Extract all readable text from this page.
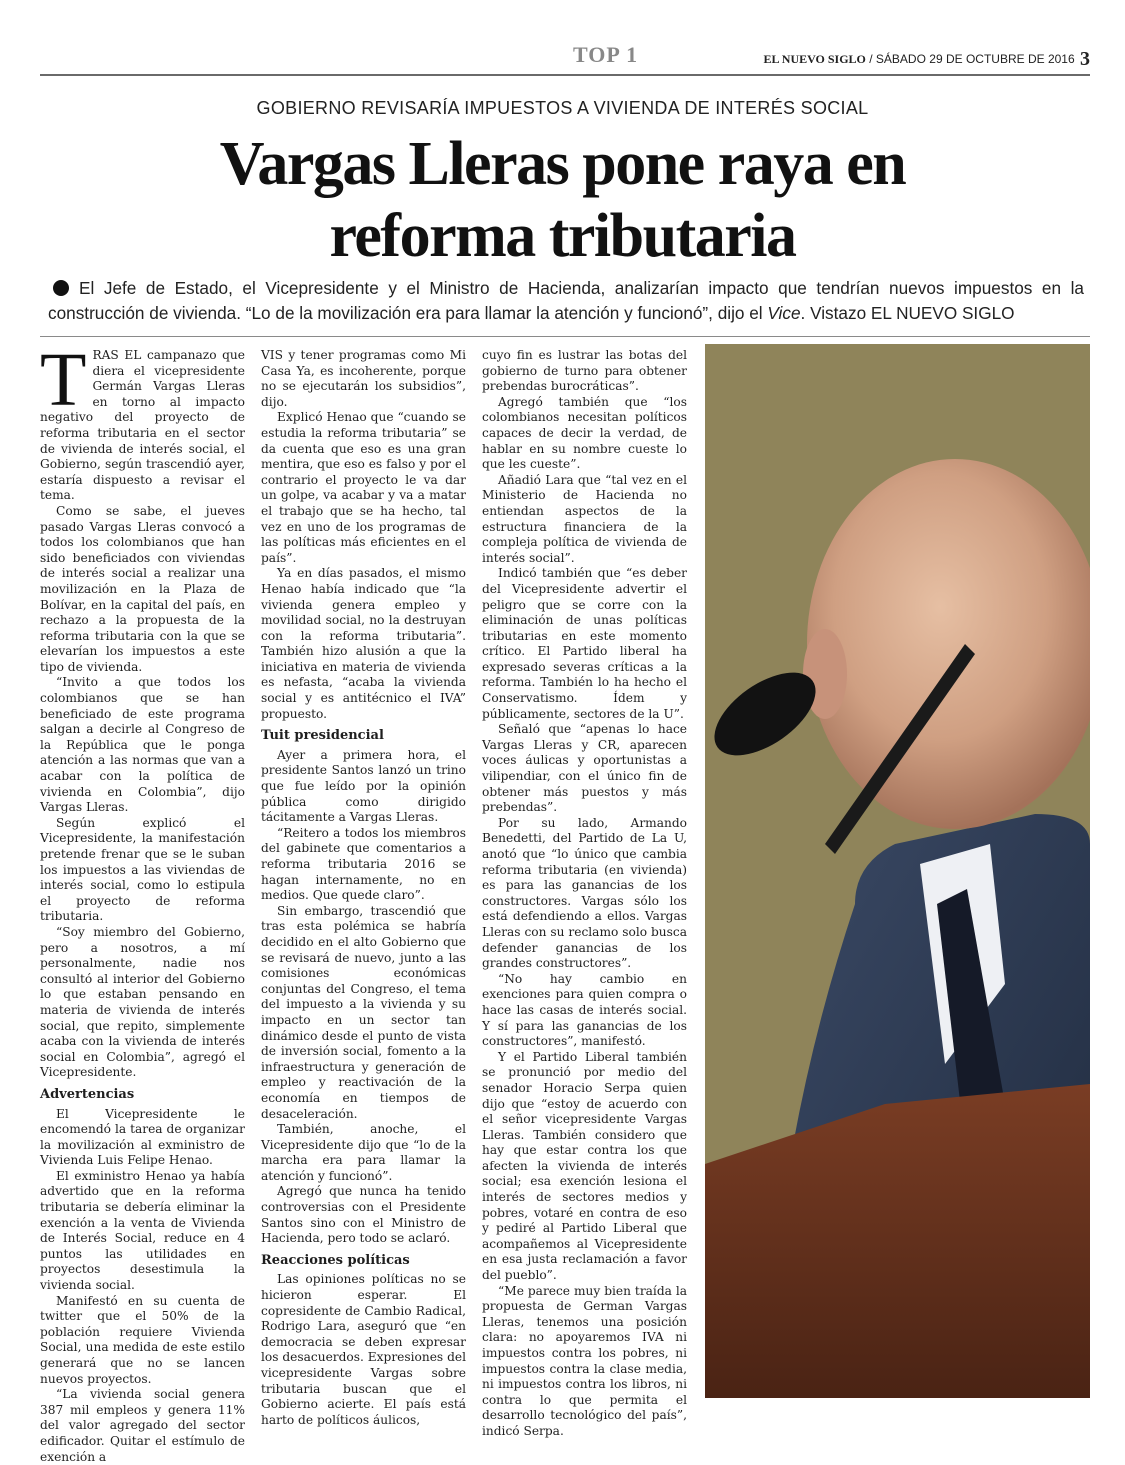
TOP 1	EL NUEVO SIGLO / SÁBADO 29 DE OCTUBRE DE 2016 3
GOBIERNO REVISARÍA IMPUESTOS A VIVIENDA DE INTERÉS SOCIAL
Vargas Lleras pone raya en
reforma tributaria
El Jefe de Estado, el Vicepresidente y el Ministro de Hacienda, analizarían impacto que tendrían nuevos impuestos en la construcción de vivienda. “Lo de la movilización era para llamar la atención y funcionó”, dijo el Vice. Vistazo EL NUEVO SIGLO

TRAS EL campanazo que diera el vicepresidente Germán Vargas Lleras en torno al impacto negativo del proyecto de reforma tributaria en el sector de vivienda de interés social, el Gobierno, según trascendió ayer, estaría dispuesto a revisar el tema.

Como se sabe, el jueves pasado Vargas Lleras convocó a todos los colombianos que han sido beneficiados con viviendas de interés social a realizar una movilización en la Plaza de Bolívar, en la capital del país, en rechazo a la propuesta de la reforma tributaria con la que se elevarían los impuestos a este tipo de vivienda.

“Invito a que todos los colombianos que se han beneficiado de este programa salgan a decirle al Congreso de la República que le ponga atención a las normas que van a acabar con la política de vivienda en Colombia”, dijo Vargas Lleras.

Según explicó el Vicepresidente, la manifestación pretende frenar que se le suban los impuestos a las viviendas de interés social, como lo estipula el proyecto de reforma tributaria.

“Soy miembro del Gobierno, pero a nosotros, a mí personalmente, nadie nos consultó al interior del Gobierno lo que estaban pensando en materia de vivienda de interés social, que repito, simplemente acaba con la vivienda de interés social en Colombia”, agregó el Vicepresidente.

Advertencias

El Vicepresidente le encomendó la tarea de organizar la movilización al exministro de Vivienda Luis Felipe Henao.

El exministro Henao ya había advertido que en la reforma tributaria se debería eliminar la exención a la venta de Vivienda de Interés Social, reduce en 4 puntos las utilidades en proyectos desestimula la vivienda social.

Manifestó en su cuenta de twitter que el 50% de la población requiere Vivienda Social, una medida de este estilo generará que no se lancen nuevos proyectos.

“La vivienda social genera 387 mil empleos y genera 11% del valor agregado del sector edificador. Quitar el estímulo de exención a

VIS y tener programas como Mi Casa Ya, es incoherente, porque no se ejecutarán los subsidios”, dijo.

Explicó Henao que “cuando se estudia la reforma tributaria” se da cuenta que eso es una gran mentira, que eso es falso y por el contrario el proyecto le va dar un golpe, va acabar y va a matar el trabajo que se ha hecho, tal vez en uno de los programas de las políticas más eficientes en el país”.

Ya en días pasados, el mismo Henao había indicado que “la vivienda genera empleo y movilidad social, no la destruyan con la reforma tributaria”. También hizo alusión a que la iniciativa en materia de vivienda es nefasta, “acaba la vivienda social y es antitécnico el IVA” propuesto.

Tuit presidencial

Ayer a primera hora, el presidente Santos lanzó un trino que fue leído por la opinión pública como dirigido tácitamente a Vargas Lleras.

“Reitero a todos los miembros del gabinete que comentarios a reforma tributaria 2016 se hagan internamente, no en medios. Que quede claro”.

Sin embargo, trascendió que tras esta polémica se habría decidido en el alto Gobierno que se revisará de nuevo, junto a las comisiones económicas conjuntas del Congreso, el tema del impuesto a la vivienda y su impacto en un sector tan dinámico desde el punto de vista de inversión social, fomento a la infraestructura y generación de empleo y reactivación de la economía en tiempos de desaceleración.

También, anoche, el Vicepresidente dijo que “lo de la marcha era para llamar la atención y funcionó”.

Agregó que nunca ha tenido controversias con el Presidente Santos sino con el Ministro de Hacienda, pero todo se aclaró.

Reacciones políticas

Las opiniones políticas no se hicieron esperar. El copresidente de Cambio Radical, Rodrigo Lara, aseguró que “en democracia se deben expresar los desacuerdos. Expresiones del vicepresidente Vargas sobre tributaria buscan que el Gobierno acierte. El país está harto de políticos áulicos,

cuyo fin es lustrar las botas del gobierno de turno para obtener prebendas burocráticas”.

Agregó también que “los colombianos necesitan políticos capaces de decir la verdad, de hablar en su nombre cueste lo que les cueste”.

Añadió Lara que “tal vez en el Ministerio de Hacienda no entiendan aspectos de la estructura financiera de la compleja política de vivienda de interés social”.

Indicó también que “es deber del Vicepresidente advertir el peligro que se corre con la eliminación de unas políticas tributarias en este momento crítico. El Partido liberal ha expresado severas críticas a la reforma. También lo ha hecho el Conservatismo. Ídem y públicamente, sectores de la U”.

Señaló que “apenas lo hace Vargas Lleras y CR, aparecen voces áulicas y oportunistas a vilipendiar, con el único fin de obtener más puestos y más prebendas”.

Por su lado, Armando Benedetti, del Partido de La U, anotó que “lo único que cambia reforma tributaria (en vivienda) es para las ganancias de los constructores. Vargas sólo los está defendiendo a ellos. Vargas Lleras con su reclamo solo busca defender ganancias de los grandes constructores”.

“No hay cambio en exenciones para quien compra o hace las casas de interés social. Y sí para las ganancias de los constructores”, manifestó.

Y el Partido Liberal también se pronunció por medio del senador Horacio Serpa quien dijo que “estoy de acuerdo con el señor vicepresidente Vargas Lleras. También considero que hay que estar contra los que afecten la vivienda de interés social; esa exención lesiona el interés de sectores medios y pobres, votaré en contra de eso y pediré al Partido Liberal que acompañemos al Vicepresidente en esa justa reclamación a favor del pueblo”.

“Me parece muy bien traída la propuesta de German Vargas Lleras, tenemos una posición clara: no apoyaremos IVA ni impuestos contra los pobres, ni impuestos contra la clase media, ni impuestos contra los libros, ni contra lo que permita el desarrollo tecnológico del país”, indicó Serpa.
